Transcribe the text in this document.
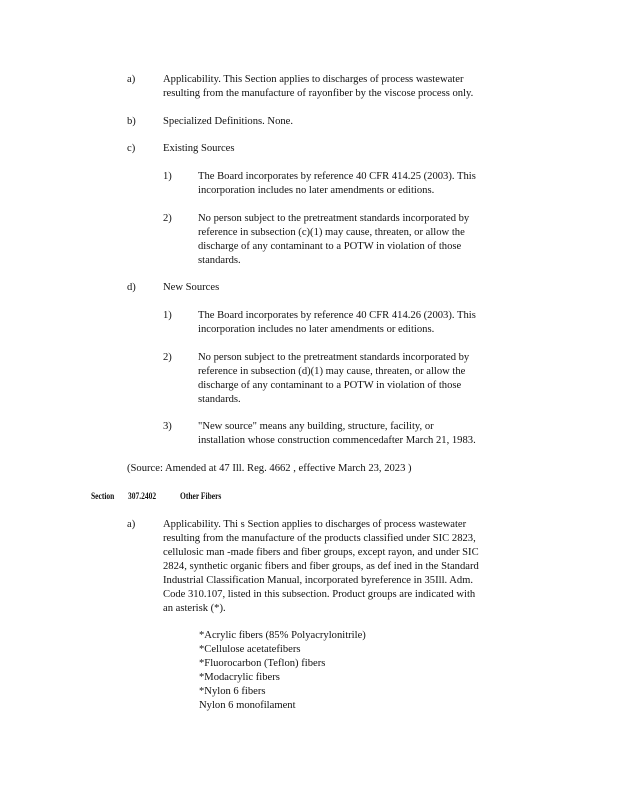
a)	Applicability. This Section applies to discharges of process wastewater

resulting from the manufacture of rayonfiber by the viscose process only.

b)	Specialized Definitions. None.

c)	Existing Sources

1)	The Board incorporates by reference 40 CFR 414.25 (2003). This

incorporation includes no later amendments or editions.

2)	No person subject to the pretreatment standards incorporated by

reference in subsection (c)(1) may cause, threaten, or allow the

discharge of any contaminant to a POTW in violation of those

standards.

d)	New Sources

1)	The Board incorporates by reference 40 CFR 414.26 (2003). This

incorporation includes no later amendments or editions.

2)	No person subject to the pretreatment standards incorporated by

reference in subsection (d)(1) may cause, threaten, or allow the

discharge of any contaminant to a POTW in violation of those

standards.

3)	"New source" means any building, structure, facility, or

installation whose construction commencedafter March 21, 1983.

(Source: Amended at 47 Ill. Reg. 4662 , effective March 23, 2023 )

Section 307.2402	Other Fibers

a)	Applicability. Thi s Section applies to discharges of process wastewater

resulting from the manufacture of the products classified under SIC 2823,

cellulosic man -made fibers and fiber groups, except rayon, and under SIC

2824, synthetic organic fibers and fiber groups, as def ined in the Standard

Industrial Classification Manual, incorporated byreference in 35Ill. Adm.

Code 310.107, listed in this subsection. Product groups are indicated with

an asterisk (*).

*Acrylic fibers (85% Polyacrylonitrile)

*Cellulose acetatefibers

*Fluorocarbon (Teflon) fibers

*Modacrylic fibers

*Nylon 6 fibers

Nylon 6 monofilament
